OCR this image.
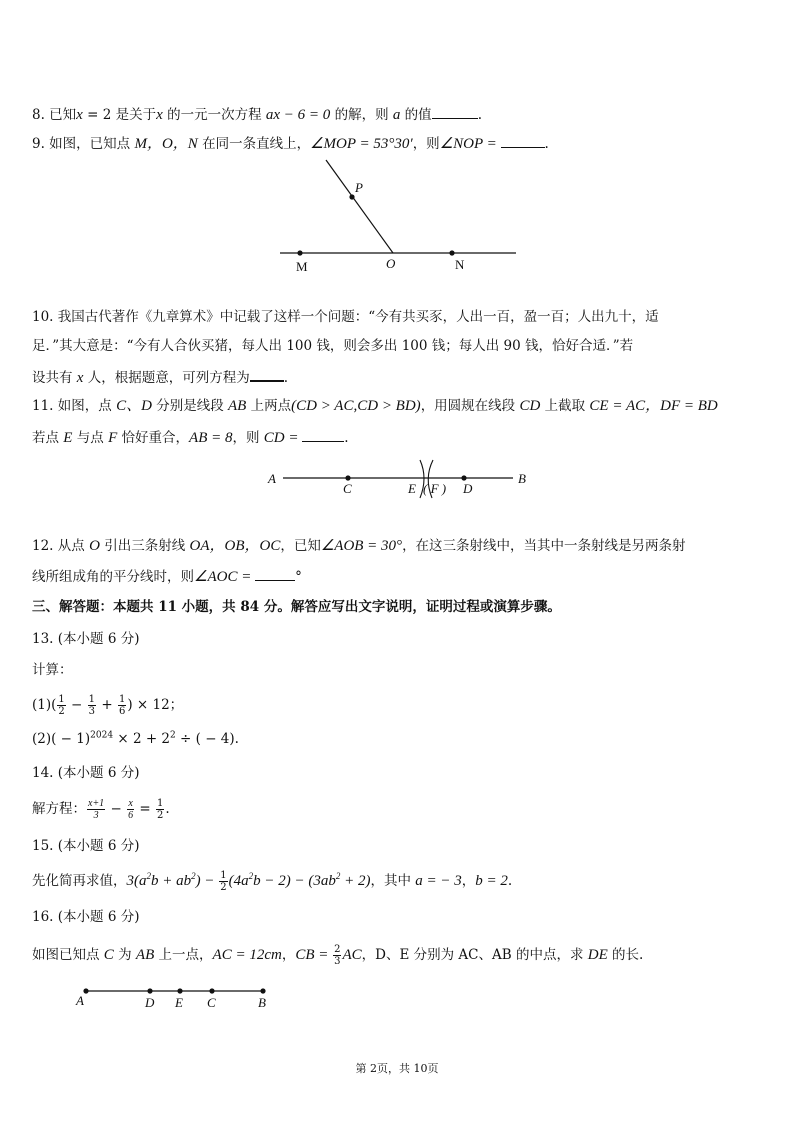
8. 已知x = 2 是关于x 的一元一次方程 ax − 6 = 0 的解，则 a 的值	.
9. 如图，已知点 M，O，N 在同一条直线上，∠MOP = 53°30′，则∠NOP =	.
P
M	O	N
10. 我国古代著作《九章算术》中记载了这样一个问题：“今有共买豕，人出一百，盈一百；人出九十，适
足．”其大意是：“今有人合伙买猪，每人出 100 钱，则会多出 100 钱；每人出 90 钱，恰好合适．”若
设共有 x 人，根据题意，可列方程为	.
11. 如图，点 C、D 分别是线段 AB 上两点(CD > AC,CD > BD)，用圆规在线段 CD 上截取 CE = AC，DF = BD
若点 E 与点 F 恰好重合，AB = 8，则 CD =	.
A
C	E ( F ) D
B
12. 从点 O 引出三条射线 OA，OB，OC，已知∠AOB = 30°，在这三条射线中，当其中一条射线是另两条射
线所组成角的平分线时，则∠AOC =	°
三、解答题：本题共 11 小题，共 84 分。解答应写出文字说明，证明过程或演算步骤。
13. (本小题 6 分)
计算：
$(1)( \frac{1}{2} - \frac{1}{3} + \frac{1}{6}$ ) × 12；
$(2)( - 1)^{2024} \times 2 + 2^2$ ÷ ( − 4).
14. (本小题 6 分)
解方程： $\frac{x+1}{3} - \frac{x}{6} = \frac{1}{2}$ .
15. (本小题 6 分)
先化简再求值，$3(a^2b + ab^2) - \frac{1}{2} (4a^2b - 2) - (3ab^2 + 2)$，其中 a = − 3，b = 2.
16. (本小题 6 分)
如图已知点 C 为 AB 上一点，AC = 12cm，CB = $\frac{2}{3}$ AC，D、E 分别为 AC、AB 的中点，求 DE 的长.
A	D E C	B
第 2页，共 10页
